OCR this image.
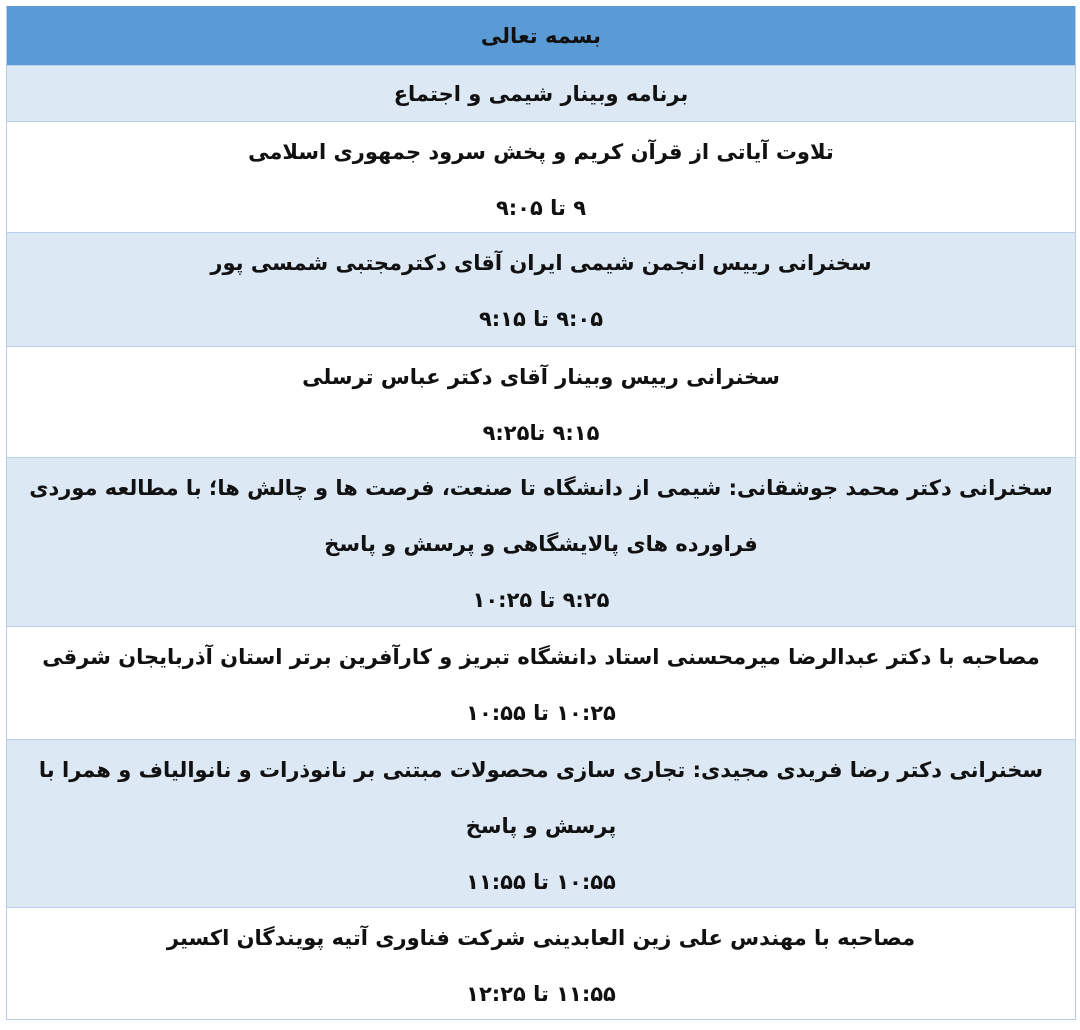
بسمه تعالی
برنامه وبینار شیمی و اجتماع
تلاوت آیاتی از قرآن کریم و پخش سرود جمهوری اسلامی
۹ تا ۹:۰۵
سخنرانی رییس انجمن شیمی ایران آقای دکترمجتبی شمسی پور
۹:۰۵ تا ۹:۱۵
سخنرانی رییس وبینار آقای دکتر عباس ترسلی
۹:۱۵ تا۹:۲۵
سخنرانی دکتر محمد جوشقانی: شیمی از دانشگاه تا صنعت، فرصت ها و چالش ها؛ با مطالعه موردی
فراورده های پالایشگاهی و پرسش و پاسخ
۹:۲۵ تا ۱۰:۲۵
مصاحبه با دکتر عبدالرضا میرمحسنی استاد دانشگاه تبریز و کارآفرین برتر استان آذربایجان شرقی
۱۰:۲۵ تا ۱۰:۵۵
سخنرانی دکتر رضا فریدی مجیدی: تجاری سازی محصولات مبتنی بر نانوذرات و نانوالیاف و همرا با
پرسش و پاسخ
۱۰:۵۵ تا ۱۱:۵۵
مصاحبه با مهندس علی زین العابدینی شرکت فناوری آتیه پویندگان اکسیر
۱۱:۵۵ تا ۱۲:۲۵
